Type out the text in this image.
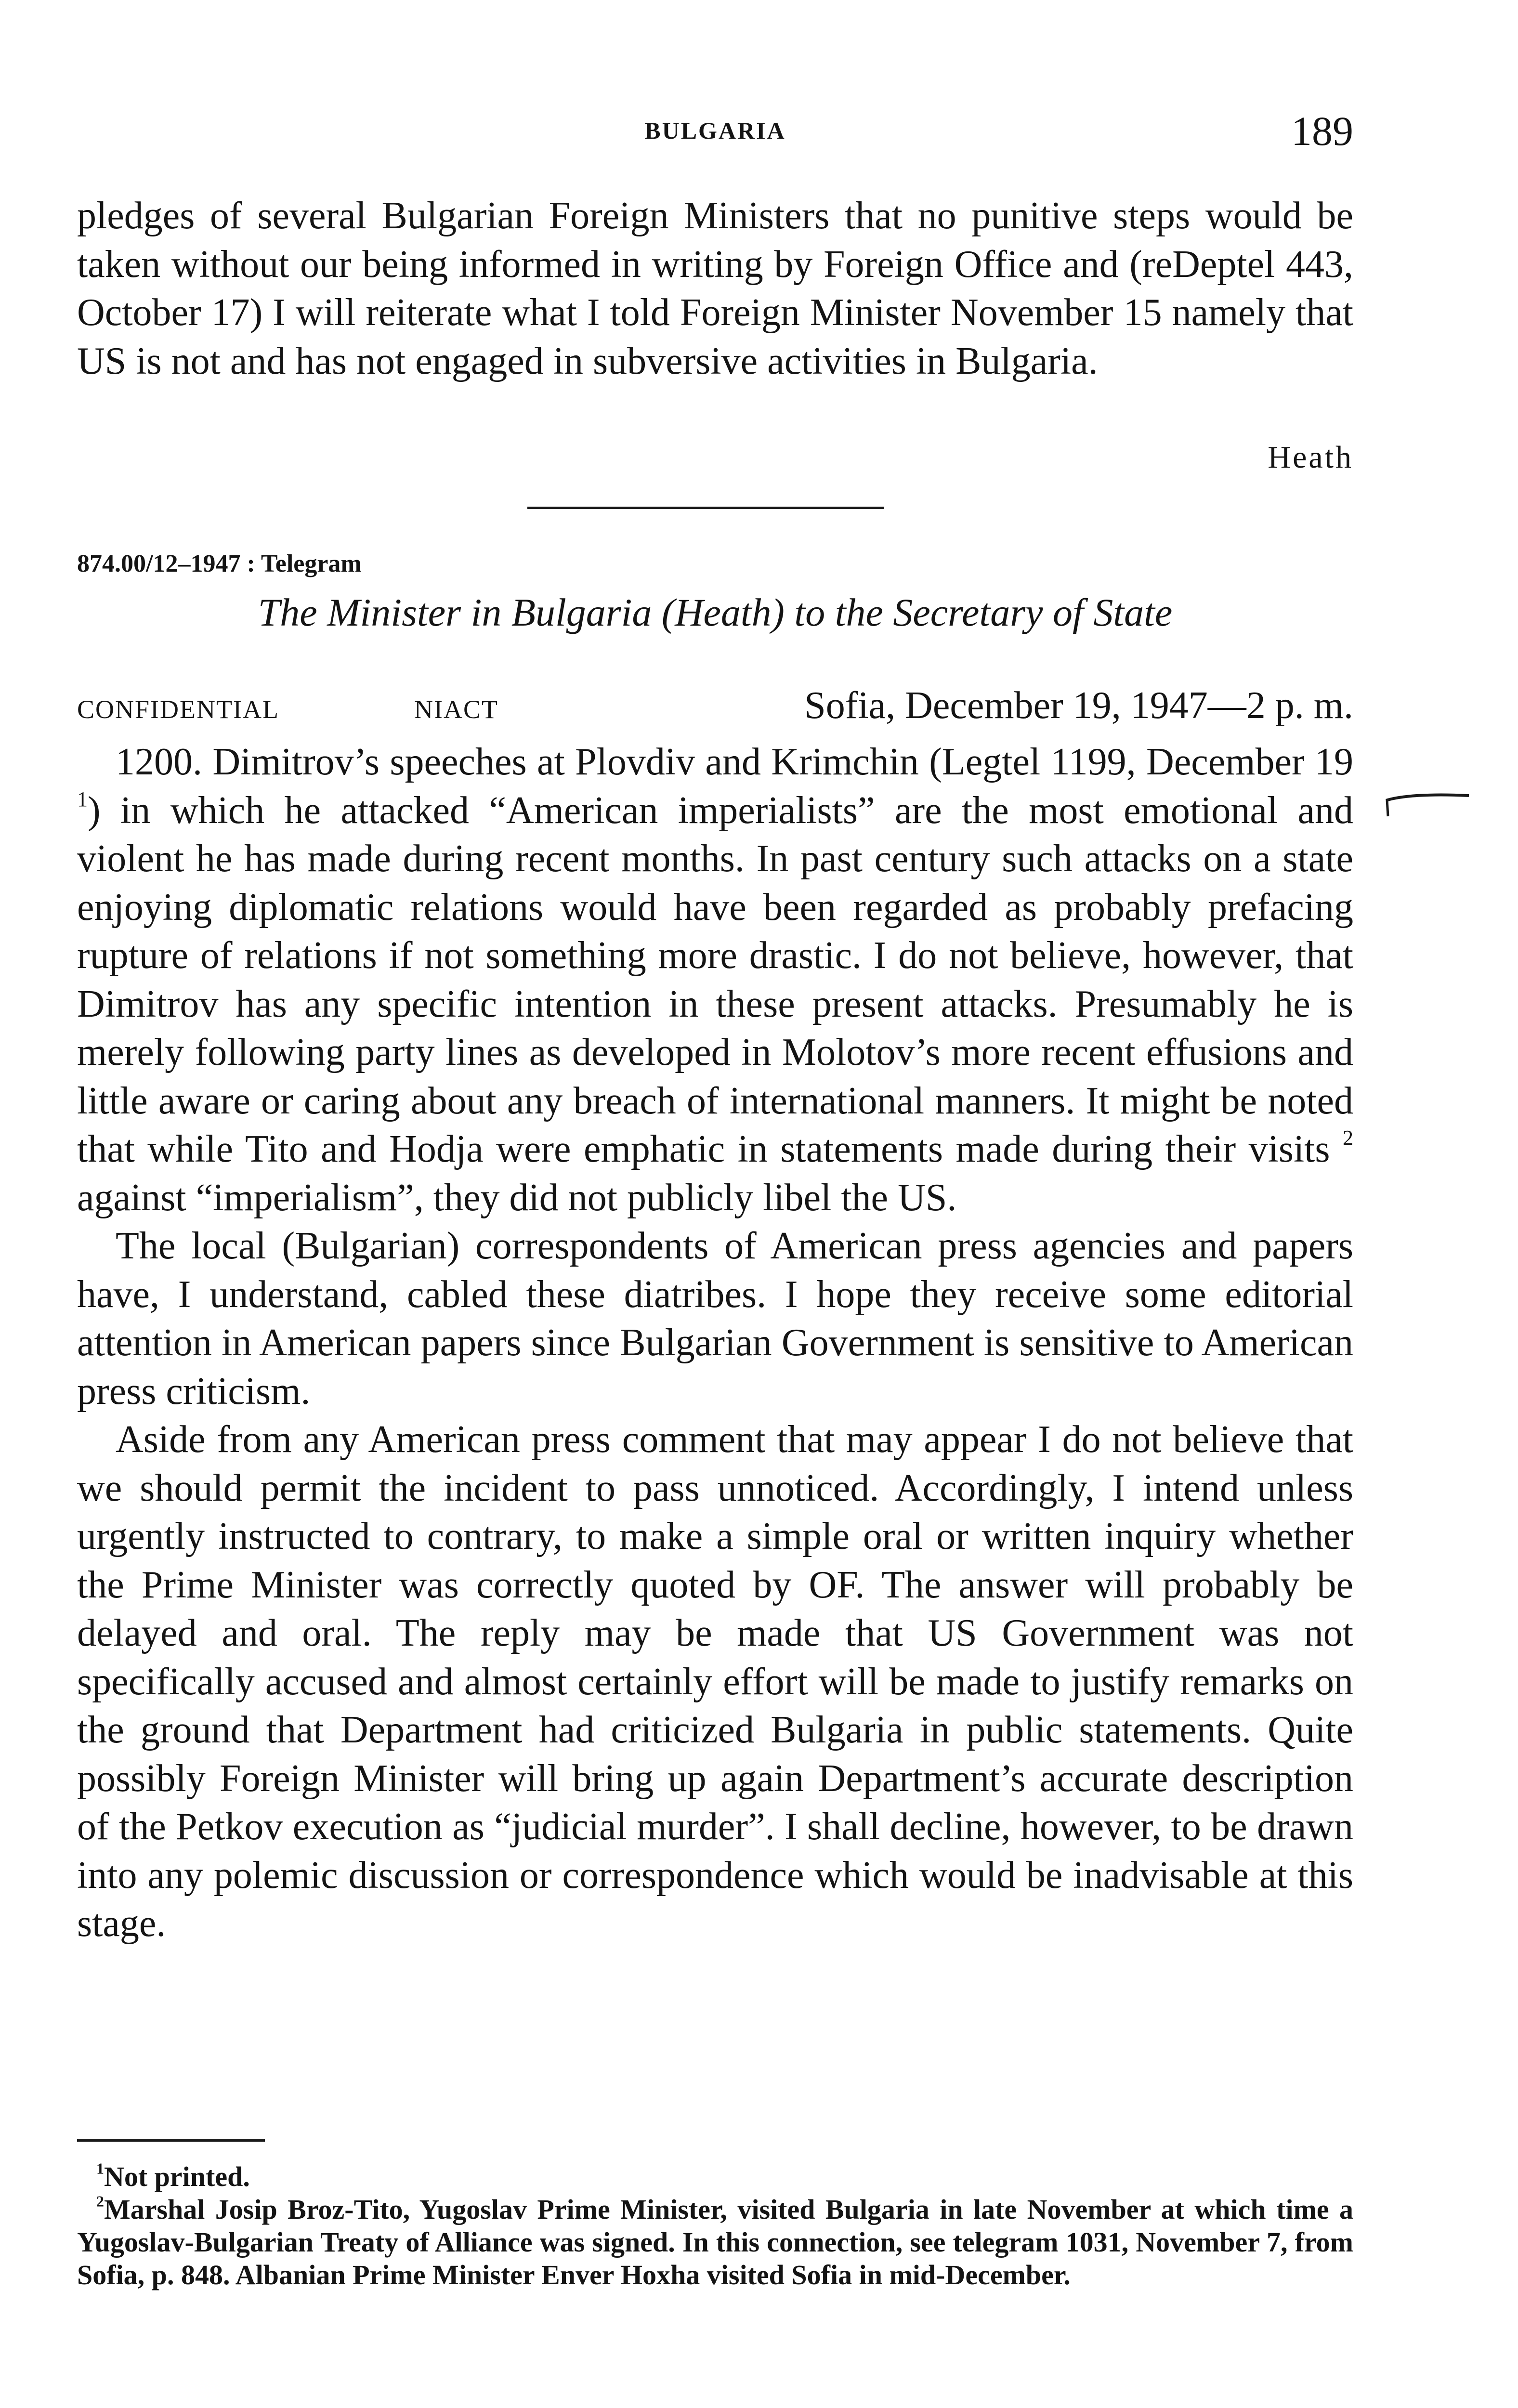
BULGARIA	189

pledges of several Bulgarian Foreign Ministers that no punitive steps would be taken without our being informed in writing by Foreign Office and (reDeptel 443, October 17) I will reiterate what I told Foreign Minister November 15 namely that US is not and has not engaged in subversive activities in Bulgaria.

Heath
874.00/12–1947 : Telegram
The Minister in Bulgaria (Heath) to the Secretary of State
CONFIDENTIAL	NIACT	Sofia, December 19, 1947—2 p. m.

1200. Dimitrov’s speeches at Plovdiv and Krimchin (Legtel 1199, December 19 $^1$) in which he attacked “American imperialists” are the most emotional and violent he has made during recent months. In past century such attacks on a state enjoying diplomatic relations would have been regarded as probably prefacing rupture of relations if not something more drastic. I do not believe, however, that Dimitrov has any specific intention in these present attacks. Presumably he is merely following party lines as developed in Molotov’s more recent effusions and little aware or caring about any breach of international manners. It might be noted that while Tito and Hodja were emphatic in statements made during their visits $^2$ against “imperialism”, they did not publicly libel the US.

The local (Bulgarian) correspondents of American press agencies and papers have, I understand, cabled these diatribes. I hope they receive some editorial attention in American papers since Bulgarian Government is sensitive to American press criticism.

Aside from any American press comment that may appear I do not believe that we should permit the incident to pass unnoticed. Accordingly, I intend unless urgently instructed to contrary, to make a simple oral or written inquiry whether the Prime Minister was correctly quoted by OF. The answer will probably be delayed and oral. The reply may be made that US Government was not specifically accused and almost certainly effort will be made to justify remarks on the ground that Department had criticized Bulgaria in public statements. Quite possibly Foreign Minister will bring up again Department’s accurate description of the Petkov execution as “judicial murder”. I shall decline, however, to be drawn into any polemic discussion or correspondence which would be inadvisable at this stage.

$^1$Not printed.

$^2$Marshal Josip Broz-Tito, Yugoslav Prime Minister, visited Bulgaria in late November at which time a Yugoslav-Bulgarian Treaty of Alliance was signed. In this connection, see telegram 1031, November 7, from Sofia, p. 848. Albanian Prime Minister Enver Hoxha visited Sofia in mid-December.
